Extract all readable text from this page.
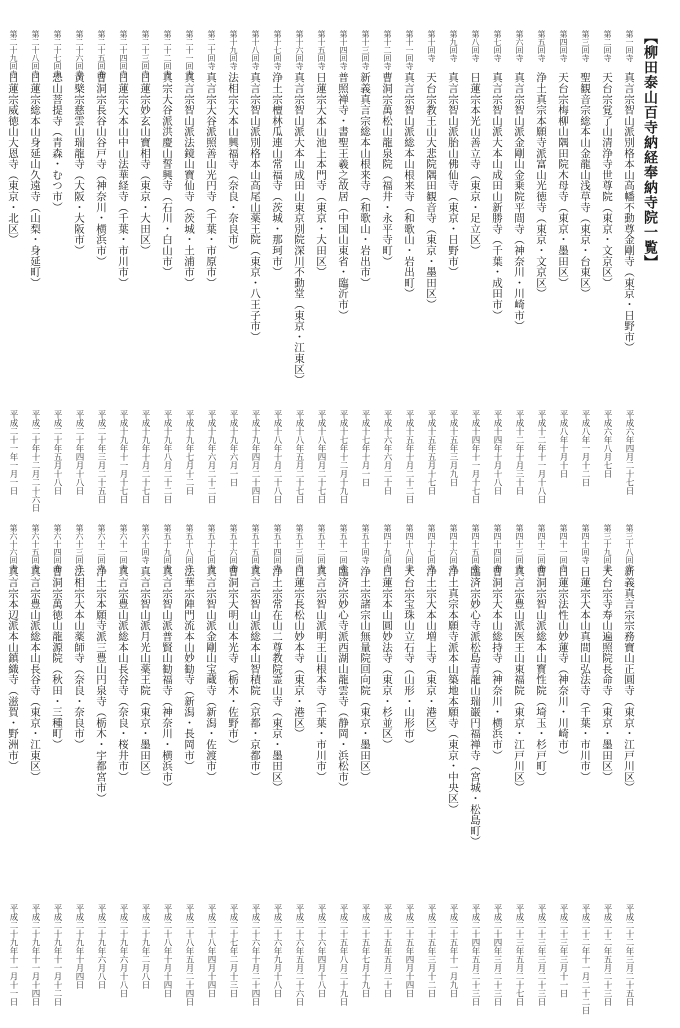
【柳田泰山百寺納経奉納寺院一覧】
第一回寺
真言宗智山派別格本山高幡不動尊金剛寺（東京・日野市）
平成六年四月二十七日
第二回寺
天台宗覚了山清浄寺世尊院（東京・文京区）
平成六年八月七日
第三回寺
聖観音宗総本山金龍山浅草寺（東京・台東区）
平成八年一月十二日
第四回寺
天台宗梅柳山隅田院木母寺（東京・墨田区）
平成八年十月十日
第五回寺
浄土真宗本願寺派富山光徳寺（東京・文京区）
平成十二年十一月十八日
第六回寺
真言宗智山派金剛山金乗院平間寺（神奈川・川崎市）
平成十二年十月三十日
第七回寺
真言宗智山派大本山成田山新勝寺（千葉・成田市）
平成十四年十月十八日
第八回寺
日蓮宗本光山善立寺（東京・足立区）
平成十四年十一月十七日
第九回寺
真言宗智山派胎山佛仙寺（東京・日野市）
平成十五年三月九日
第十回寺
天台宗教王山大悲院隅田観音寺（東京・墨田区）
平成十五年五月十七日
第十一回寺
真言宗智山派総本山根来寺（和歌山・岩出町）
平成十五年十月二十二日
第十二回寺
曹洞宗萬松山龍泉院（福井・永平寺町）
平成十六年六月二十日
第十三回寺
新義真言宗総本山根来寺（和歌山・岩出市）
平成十七年十月一日
第十四回寺
普照禅寺・書聖王羲之故居（中国山東省・臨沂市）
平成十七年十二月十九日
第十五回寺
日蓮宗大本山池上本門寺（東京・大田区）
平成十八年四月二十七日
第十六回寺
真言宗智山派大本山成田山東京別院深川不動堂（東京・江東区）
平成十八年五月二十七日
第十七回寺
浄土宗檀林瓜連山常福寺（茨城・那珂市）
平成十八年十月二十八日
第十八回寺
真言宗智山派別格本山高尾山薬王院（東京・八王子市）
平成十九年四月二十四日
第十九回寺
法相宗大本山興福寺（奈良・奈良市）
平成十九年六月一日
第二十回寺
真言宗大谷派照善山光円寺（千葉・市原市）
平成十九年六月二十二日
第二十一回寺
真言宗智山派法鏡山寶仙寺（茨城・土浦市）
平成十九年七月十二日
第二十二回寺
真宗大谷派洪慶山誓興寺（石川・白山市）
平成十九年八月二十二日
第二十三回寺
日蓮宗妙玄山寶相寺（東京・大田区）
平成十九年十月二十七日
第二十四回寺
日蓮宗大本山中山法華経寺（千葉・市川市）
平成十九年十一月十七日
第二十五回寺
曹洞宗長谷山谷戸寺（神奈川・横浜市）
平成二十年三月二十五日
第二十六回寺
黄檗宗慈雲山瑞龍寺（大阪・大阪市）
平成二十年四月十八日
第二十七回寺
恐山菩提寺（青森・むつ市）
平成二十年五月十八日
第二十八回寺
日蓮宗総本山身延山久遠寺（山梨・身延町）
平成二十年十二月二十六日
第二十九回寺
日蓮宗威徳山大恩寺（東京・北区）
平成二十一年一月一日
第三十八回寺
新義真言宗宗務寶山正圓寺（東京・江戸川区）
平成二十二年三月二十五日
第三十九回寺
天台宗寺寿山遍照院長命寺（東京・墨田区）
平成二十二年五月二十三日
第四十回寺
日蓮宗大本山真間山弘法寺（千葉・市川市）
平成二十二年十一月二十二日
第四十一回寺
日蓮宗法性山妙蓮寺（神奈川・川崎市）
平成二十三年三月十一日
第四十二回寺
曹洞宗智山派総本山寳性院（埼玉・杉戸町）
平成二十三年三月二十三日
第四十三回寺
真言宗豊山派医王山東福院（東京・江戸川区）
平成二十三年五月二十七日
第四十四回寺
曹洞宗大本山総持寺（神奈川・横浜市）
平成二十四年三月二十三日
第四十五回寺
臨済宗妙心寺派松島青龍山瑞巌円福禅寺（宮城・松島町）
平成二十四年五月二十三日
第四十六回寺
浄土真宗本願寺派本山築地本願寺（東京・中央区）
平成二十五年十一月九日
第四十七回寺
浄土宗大本山増上寺（東京・港区）
平成二十五年三月十二日
第四十八回寺
天台宗宝珠山立石寺（山形・山形市）
平成二十五年四月十四日
第四十九回寺
日蓮宗本山圓妙法寺（東京・杉並区）
平成二十五年五月二十日
第五十回寺
浄土宗諸宗山無量院回向院（東京・墨田区）
平成二十五年七月十九日
第五十一回寺
臨済宗妙心寺派西湖山龍雲寺（静岡・浜松市）
平成二十五年八月二十九日
第五十二回寺
真言宗智山派明王山根本寺（千葉・市川市）
平成二十六年四月十八日
第五十三回寺
日蓮宗長松山妙本寺（東京・港区）
平成二十六年五月二十六日
第五十四回寺
浄土宗常在山二尊教院霊山寺（東京・墨田区）
平成二十六年九月十八日
第五十五回寺
真言宗智山派総本山智積院（京都・京都市）
平成二十六年十月二十四日
第五十六回寺
曹洞宗大明山本光寺（栃木・佐野市）
平成二十七年二月十三日
第五十七回寺
真言宗智山派金剛山宝蔵寺（新潟・佐渡市）
平成二十八年四月十四日
第五十八回寺
法華宗陣門流本山妙勧寺（新潟・長岡市）
平成二十八年五月二十四日
第五十九回寺
真言宗智山派普賢山勧福寺（神奈川・横浜市）
平成二十八年十月十四日
第六十回寺
真言宗智山派月光山薬王院（東京・墨田区）
平成二十九年二月八日
第六十一回寺
真言宗豊山派総本山長谷寺（奈良・桜井市）
平成二十九年六月十八日
第六十二回寺
浄土宗本願寺派三豊山円泉寺（栃木・宇都宮市）
平成二十九年六月八日
第六十三回寺
法相宗大本山薬師寺（奈良・奈良市）
平成二十九年十月四日
第六十四回寺
曹洞宗萬徳山龍源院（秋田・三種町）
平成二十九年十一月十二日
第六十五回寺
真言宗豊山派総本山長谷寺（東京・江東区）
平成二十九年十一月十四日
第六十六回寺
真言宗本辺派本山鎮織寺（滋賀・野洲市）
平成二十九年十一月十一日
